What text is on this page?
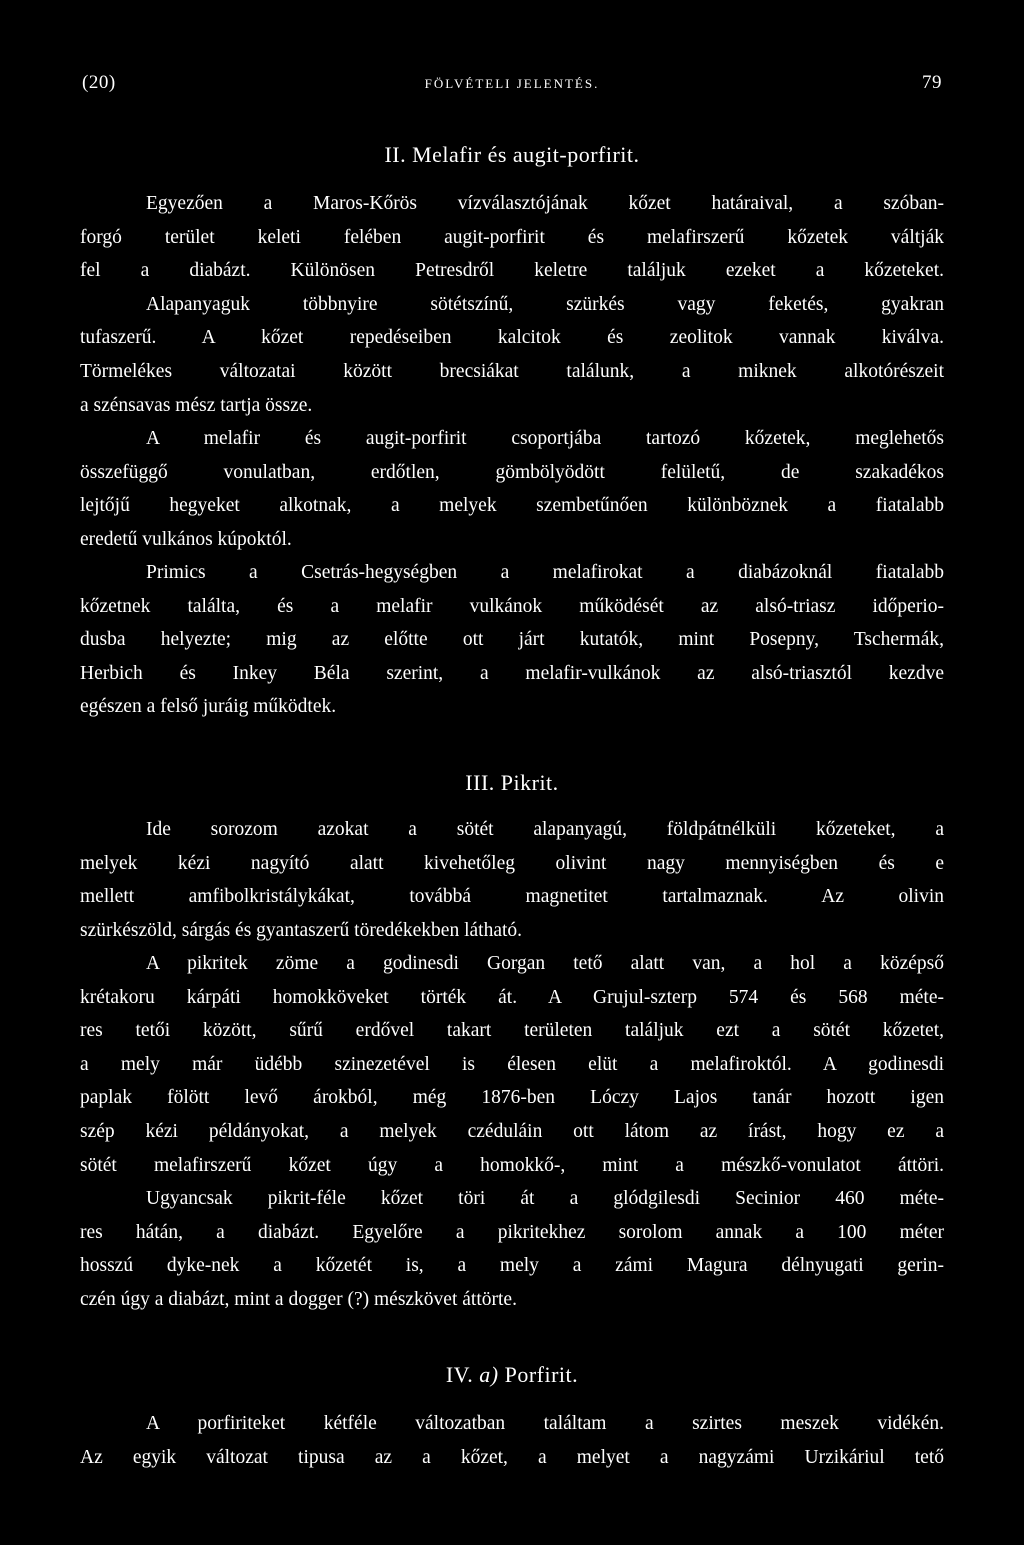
(20)	FÖLVÉTELI JELENTÉS.	79
II. Melafir és augit-porfirit.
Egyezően a Maros-Kőrös vízválasztójának kőzet határaival, a szóban-
forgó terület keleti felében augit-porfirit és melafirszerű kőzetek váltják
fel a diabázt. Különösen Petresdről keletre találjuk ezeket a kőzeteket.
Alapanyaguk többnyire sötétszínű, szürkés vagy feketés, gyakran
tufaszerű. A kőzet repedéseiben kalcitok és zeolitok vannak kiválva.
Törmelékes változatai között brecsiákat találunk, a miknek alkotórészeit
a szénsavas mész tartja össze.
A melafir és augit-porfirit csoportjába tartozó kőzetek, meglehetős
összefüggő vonulatban, erdőtlen, gömbölyödött felületű, de szakadékos
lejtőjű hegyeket alkotnak, a melyek szembetűnően különböznek a fiatalabb
eredetű vulkános kúpoktól.
Primics a Csetrás-hegységben a melafirokat a diabázoknál fiatalabb
kőzetnek találta, és a melafir vulkánok működését az alsó-triasz időperio-
dusba helyezte; mig az előtte ott járt kutatók, mint Posepny, Tschermák,
Herbich és Inkey Béla szerint, a melafir-vulkánok az alsó-triasztól kezdve
egészen a felső juráig működtek.
III. Pikrit.
Ide sorozom azokat a sötét alapanyagú, földpátnélküli kőzeteket, a
melyek kézi nagyító alatt kivehetőleg olivint nagy mennyiségben és e
mellett amfibolkristálykákat, továbbá magnetitet tartalmaznak. Az olivin
szürkészöld, sárgás és gyantaszerű töredékekben látható.
A pikritek zöme a godinesdi Gorgan tető alatt van, a hol a középső
krétakoru kárpáti homokköveket törték át. A Grujul-szterp 574 és 568 méte-
res tetői között, sűrű erdővel takart területen találjuk ezt a sötét kőzetet,
a mely már üdébb szinezetével is élesen elüt a melafiroktól. A godinesdi
paplak fölött levő árokból, még 1876-ben Lóczy Lajos tanár hozott igen
szép kézi példányokat, a melyek czéduláin ott látom az írást, hogy ez a
sötét melafirszerű kőzet úgy a homokkő-, mint a mészkő-vonulatot áttöri.
Ugyancsak pikrit-féle kőzet töri át a glódgilesdi Secinior 460 méte-
res hátán, a diabázt. Egyelőre a pikritekhez sorolom annak a 100 méter
hosszú dyke-nek a kőzetét is, a mely a zámi Magura délnyugati gerin-
czén úgy a diabázt, mint a dogger (?) mészkövet áttörte.
IV. a) Porfirit.
A porfiriteket kétféle változatban találtam a szirtes meszek vidékén.
Az egyik változat tipusa az a kőzet, a melyet a nagyzámi Urzikáriul tető
